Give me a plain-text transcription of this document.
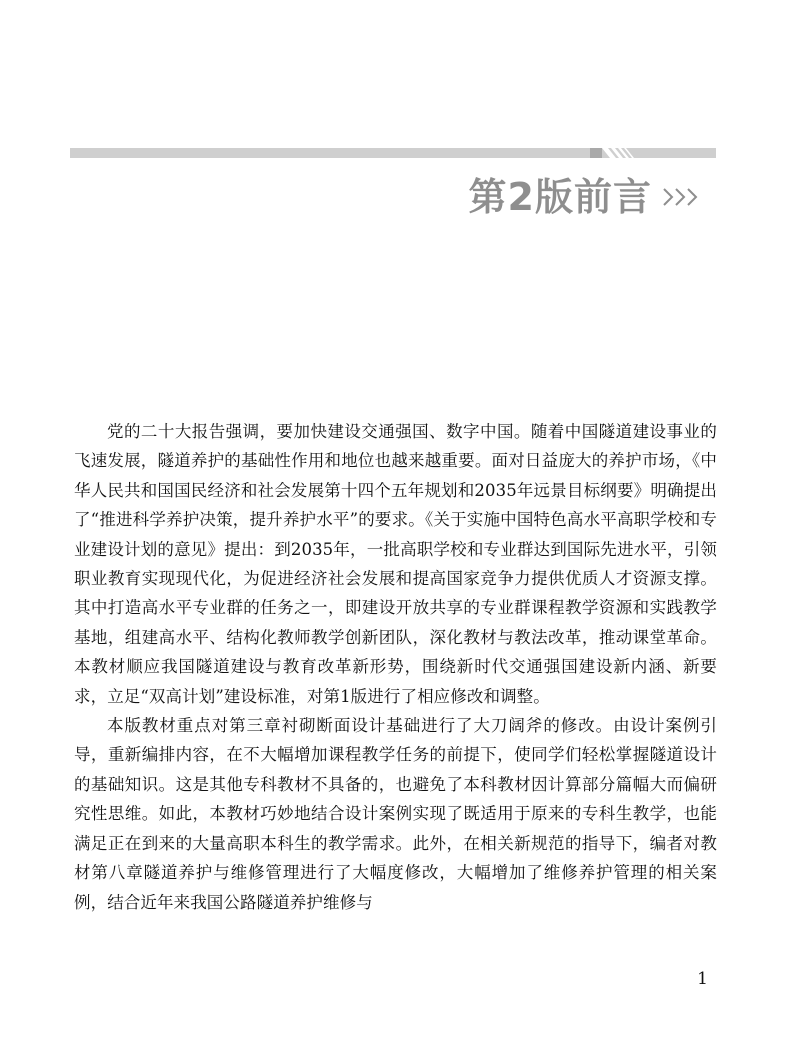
第2版前言

党的二十大报告强调，要加快建设交通强国、数字中国。随着中国隧道建设事业的飞速发展，隧道养护的基础性作用和地位也越来越重要。面对日益庞大的养护市场，《中华人民共和国国民经济和社会发展第十四个五年规划和2035年远景目标纲要》明确提出了“推进科学养护决策，提升养护水平”的要求。《关于实施中国特色高水平高职学校和专业建设计划的意见》提出：到2035年，一批高职学校和专业群达到国际先进水平，引领职业教育实现现代化，为促进经济社会发展和提高国家竞争力提供优质人才资源支撑。其中打造高水平专业群的任务之一，即建设开放共享的专业群课程教学资源和实践教学基地，组建高水平、结构化教师教学创新团队，深化教材与教法改革，推动课堂革命。本教材顺应我国隧道建设与教育改革新形势，围绕新时代交通强国建设新内涵、新要求，立足“双高计划”建设标准，对第1版进行了相应修改和调整。

本版教材重点对第三章衬砌断面设计基础进行了大刀阔斧的修改。由设计案例引导，重新编排内容，在不大幅增加课程教学任务的前提下，使同学们轻松掌握隧道设计的基础知识。这是其他专科教材不具备的，也避免了本科教材因计算部分篇幅大而偏研究性思维。如此，本教材巧妙地结合设计案例实现了既适用于原来的专科生教学，也能满足正在到来的大量高职本科生的教学需求。此外，在相关新规范的指导下，编者对教材第八章隧道养护与维修管理进行了大幅度修改，大幅增加了维修养护管理的相关案例，结合近年来我国公路隧道养护维修与

1
